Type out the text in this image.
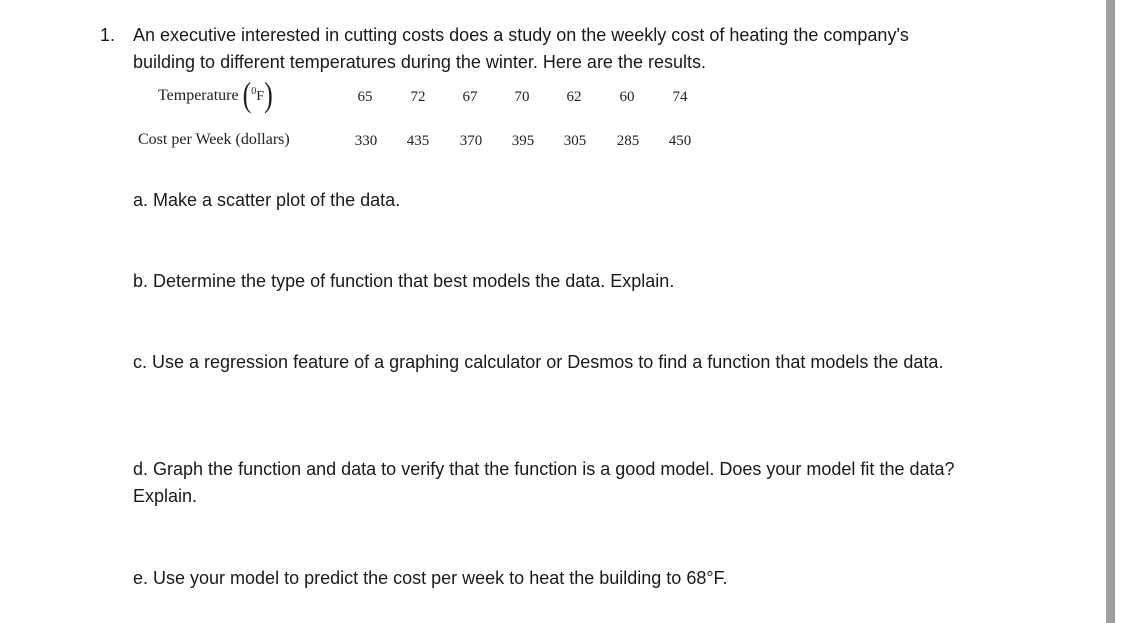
1. An executive interested in cutting costs does a study on the weekly cost of heating the company's building to different temperatures during the winter. Here are the results.
Temperature ($^0$F)	65	72	67	70	62	60	74
Cost per Week (dollars)	330	435	370	395	305	285	450
a. Make a scatter plot of the data.
b. Determine the type of function that best models the data. Explain.
c. Use a regression feature of a graphing calculator or Desmos to find a function that models the data.
d. Graph the function and data to verify that the function is a good model. Does your model fit the data? Explain.
e. Use your model to predict the cost per week to heat the building to 68°F.
